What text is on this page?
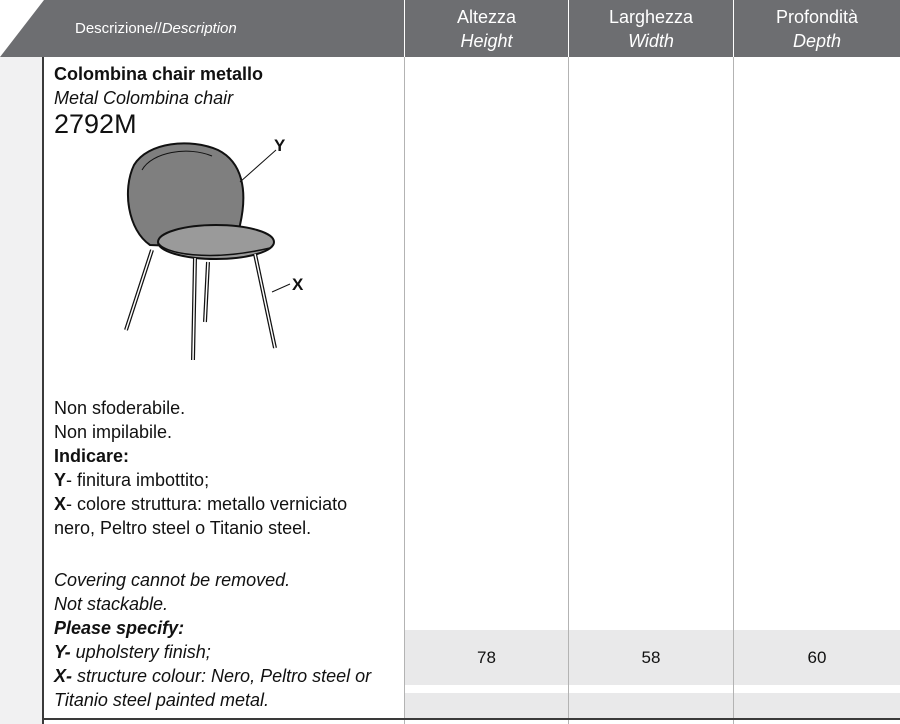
Descrizione// Description
Altezza
Height
Larghezza
Width
Profondità
Depth
78	58	60
Colombina chair metallo
Metal Colombina chair
2792M
Y
X
Non sfoderabile.
Non impilabile.
Indicare:
Y- finitura imbottito;
X- colore struttura: metallo verniciato
nero, Peltro steel o Titanio steel.
Covering cannot be removed.
Not stackable.
Please specify:
Y- upholstery finish;
X- structure colour: Nero, Peltro steel or
Titanio steel painted metal.
